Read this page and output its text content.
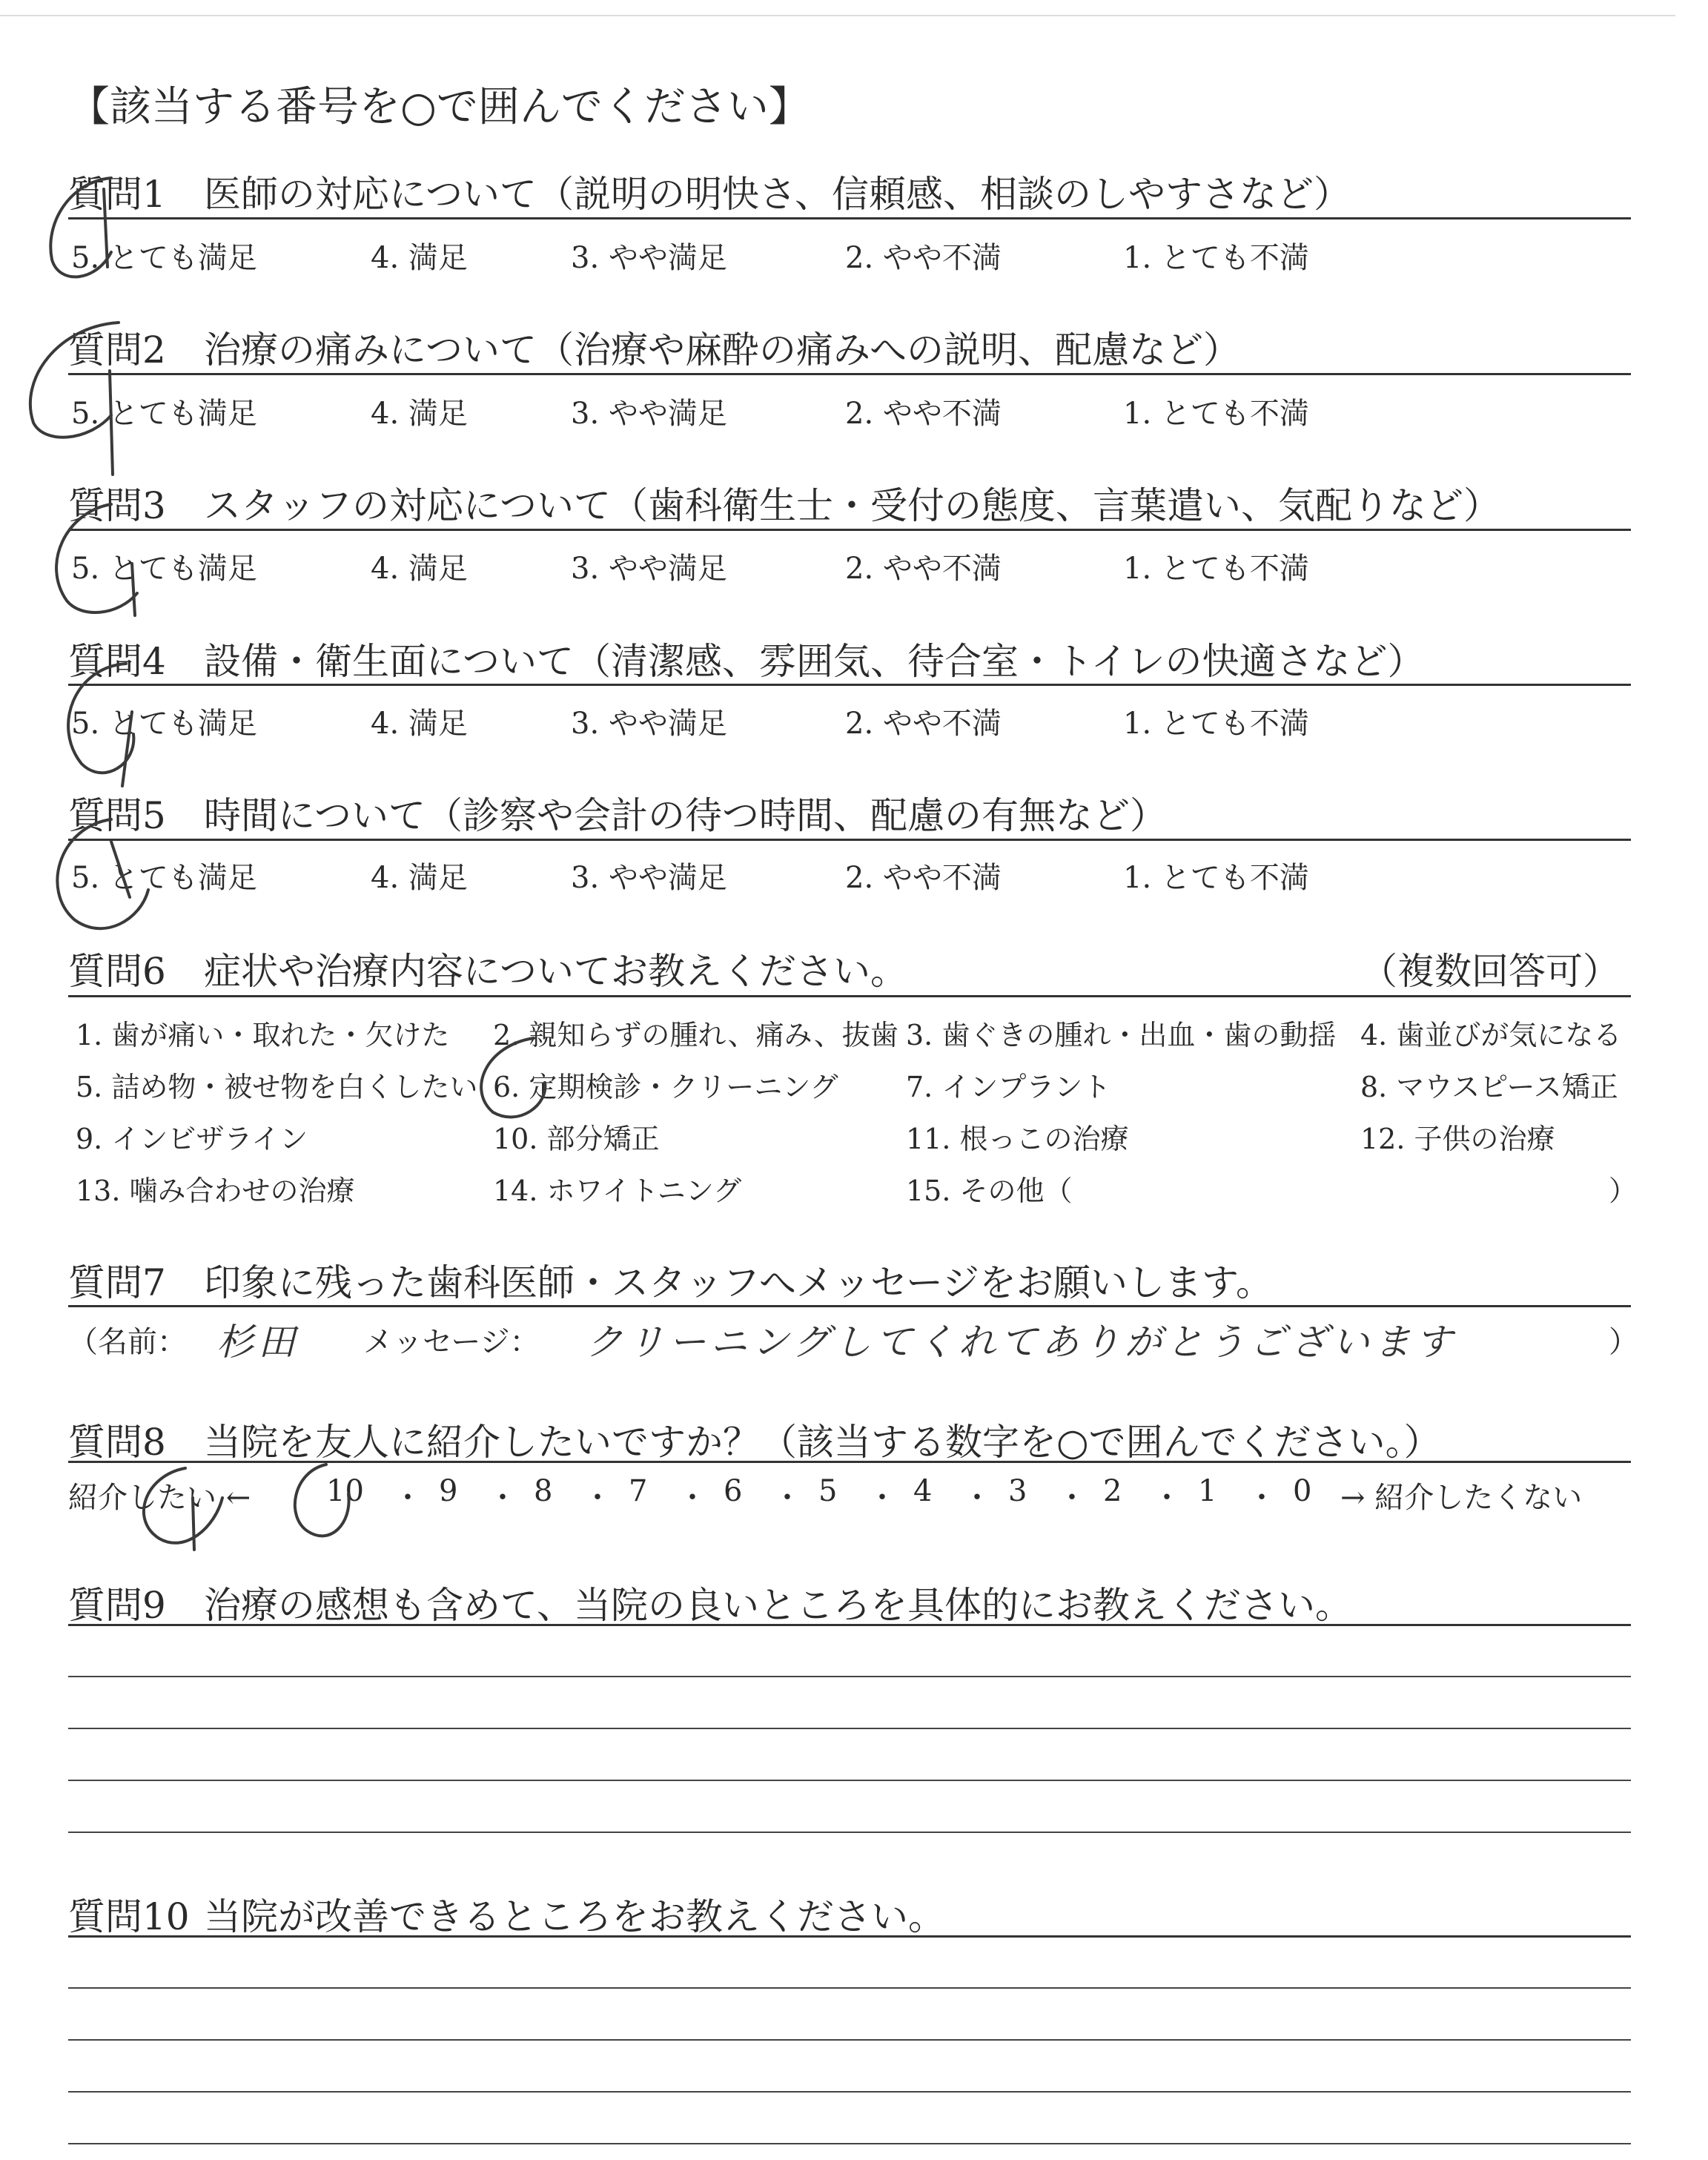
【該当する番号を○で囲んでください】
質問1 医師の対応について（説明の明快さ、信頼感、相談のしやすさなど）
5. とても満足	4. 満足	3. やや満足	2. やや不満	1. とても不満
質問2 治療の痛みについて（治療や麻酔の痛みへの説明、配慮など）
5. とても満足	4. 満足	3. やや満足	2. やや不満	1. とても不満
質問3 スタッフの対応について（歯科衛生士・受付の態度、言葉遣い、気配りなど）
5. とても満足	4. 満足	3. やや満足	2. やや不満	1. とても不満
質問4 設備・衛生面について（清潔感、雰囲気、待合室・トイレの快適さなど）
5. とても満足	4. 満足	3. やや満足	2. やや不満	1. とても不満
質問5 時間について（診察や会計の待つ時間、配慮の有無など）
5. とても満足	4. 満足	3. やや満足	2. やや不満	1. とても不満
質問6 症状や治療内容についてお教えください。	（複数回答可）
1. 歯が痛い・取れた・欠けた 2. 親知らずの腫れ、痛み、抜歯 3. 歯ぐきの腫れ・出血・歯の動揺 4. 歯並びが気になる
5. 詰め物・被せ物を白くしたい 6. 定期検診・クリーニング 7. インプラント	8. マウスピース矯正
9. インビザライン	10. 部分矯正	11. 根っこの治療	12. 子供の治療
13. 噛み合わせの治療	14. ホワイトニング	15. その他（	）
質問7 印象に残った歯科医師・スタッフへメッセージをお願いします。
（名前： 杉田 メッセージ： クリーニングしてくれてありがとうございます	）
質問8 当院を友人に紹介したいですか？（該当する数字を○で囲んでください。）
紹介したい ←	10 ・ 9 ・ 8 ・ 7 ・ 6 ・ 5 ・ 4 ・ 3 ・ 2 ・ 1 ・ 0 → 紹介したくない
質問9 治療の感想も含めて、当院の良いところを具体的にお教えください。
質問10 当院が改善できるところをお教えください。
